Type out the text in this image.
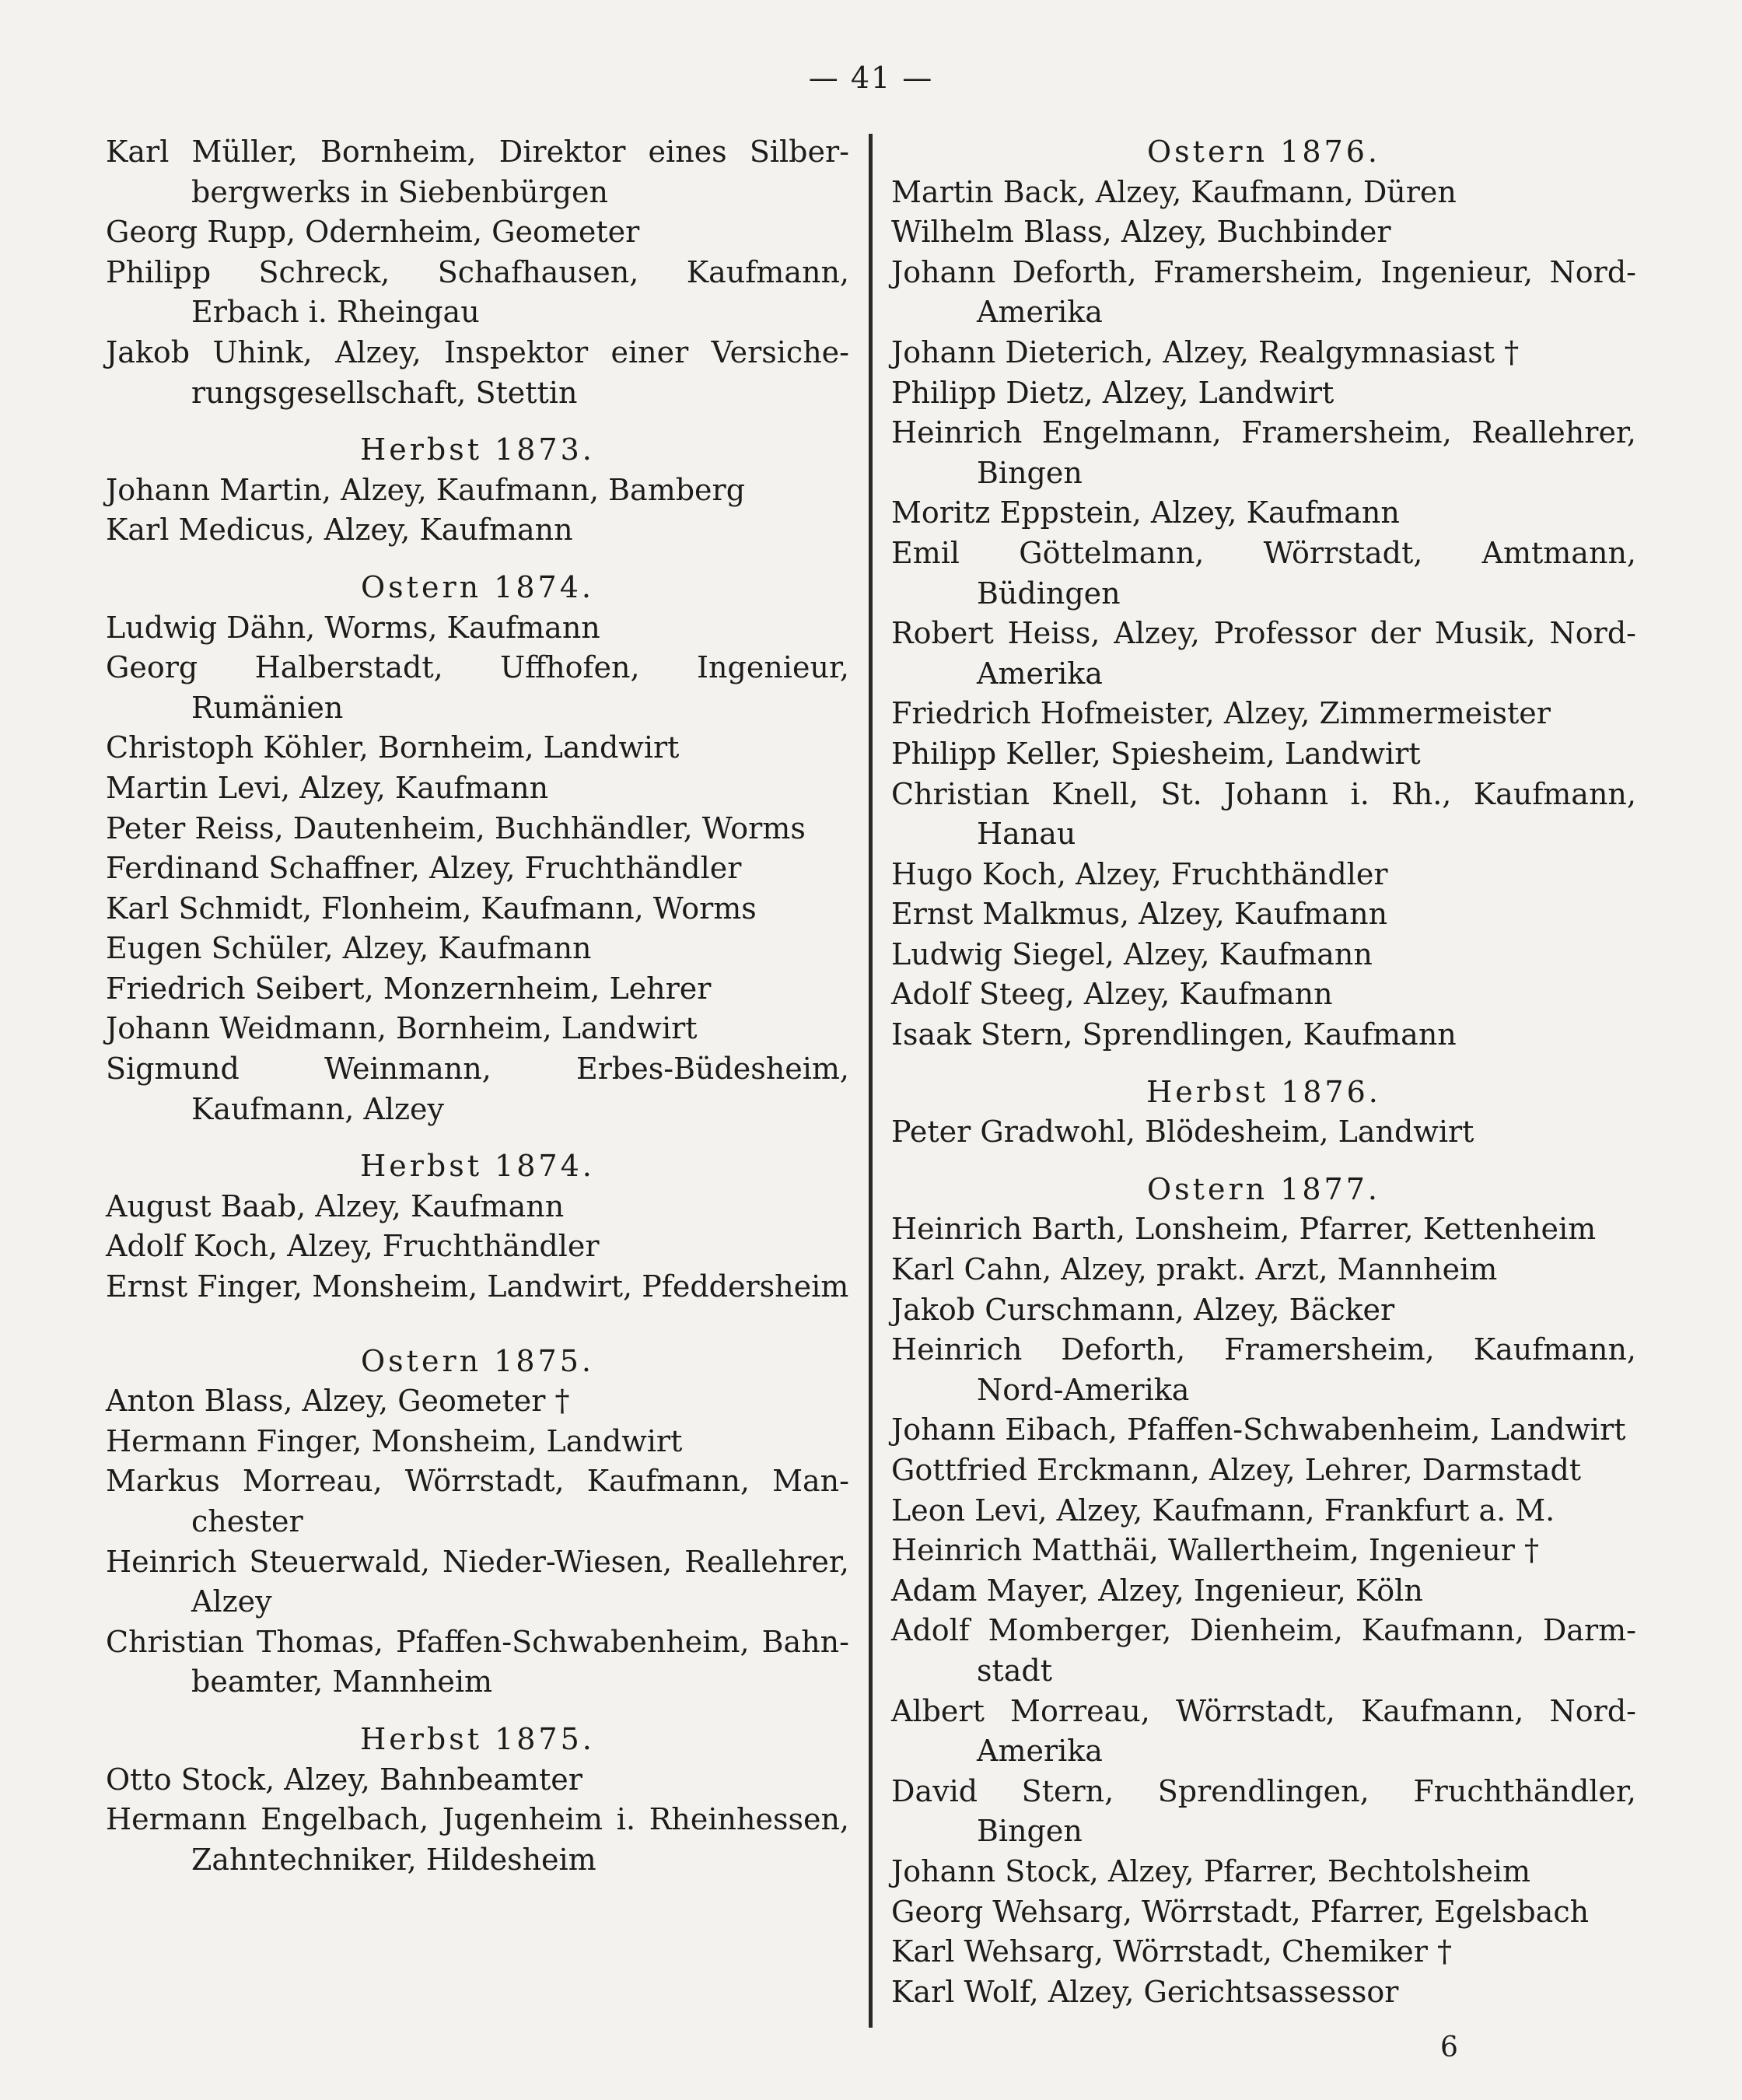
— 41 —
Karl Müller, Bornheim, Direktor eines Silberbergwerks in Siebenbürgen
Georg Rupp, Odernheim, Geometer
Philipp Schreck, Schafhausen, Kaufmann, Erbach i. Rheingau
Jakob Uhink, Alzey, Inspektor einer Versicherungsgesellschaft, Stettin
Herbst 1873.
Johann Martin, Alzey, Kaufmann, Bamberg
Karl Medicus, Alzey, Kaufmann
Ostern 1874.
Ludwig Dähn, Worms, Kaufmann
Georg Halberstadt, Uffhofen, Ingenieur, Rumänien
Christoph Köhler, Bornheim, Landwirt
Martin Levi, Alzey, Kaufmann
Peter Reiss, Dautenheim, Buchhändler, Worms
Ferdinand Schaffner, Alzey, Fruchthändler
Karl Schmidt, Flonheim, Kaufmann, Worms
Eugen Schüler, Alzey, Kaufmann
Friedrich Seibert, Monzernheim, Lehrer
Johann Weidmann, Bornheim, Landwirt
Sigmund Weinmann, Erbes-Büdesheim, Kaufmann, Alzey
Herbst 1874.
August Baab, Alzey, Kaufmann
Adolf Koch, Alzey, Fruchthändler
Ernst Finger, Monsheim, Landwirt, Pfeddersheim
Ostern 1875.
Anton Blass, Alzey, Geometer †
Hermann Finger, Monsheim, Landwirt
Markus Morreau, Wörrstadt, Kaufmann, Manchester
Heinrich Steuerwald, Nieder-Wiesen, Reallehrer, Alzey
Christian Thomas, Pfaffen-Schwabenheim, Bahnbeamter, Mannheim
Herbst 1875.
Otto Stock, Alzey, Bahnbeamter
Hermann Engelbach, Jugenheim i. Rheinhessen, Zahntechniker, Hildesheim
Ostern 1876.
Martin Back, Alzey, Kaufmann, Düren
Wilhelm Blass, Alzey, Buchbinder
Johann Deforth, Framersheim, Ingenieur, Nord-Amerika
Johann Dieterich, Alzey, Realgymnasiast †
Philipp Dietz, Alzey, Landwirt
Heinrich Engelmann, Framersheim, Reallehrer, Bingen
Moritz Eppstein, Alzey, Kaufmann
Emil Göttelmann, Wörrstadt, Amtmann, Büdingen
Robert Heiss, Alzey, Professor der Musik, Nord-Amerika
Friedrich Hofmeister, Alzey, Zimmermeister
Philipp Keller, Spiesheim, Landwirt
Christian Knell, St. Johann i. Rh., Kaufmann, Hanau
Hugo Koch, Alzey, Fruchthändler
Ernst Malkmus, Alzey, Kaufmann
Ludwig Siegel, Alzey, Kaufmann
Adolf Steeg, Alzey, Kaufmann
Isaak Stern, Sprendlingen, Kaufmann
Herbst 1876.
Peter Gradwohl, Blödesheim, Landwirt
Ostern 1877.
Heinrich Barth, Lonsheim, Pfarrer, Kettenheim
Karl Cahn, Alzey, prakt. Arzt, Mannheim
Jakob Curschmann, Alzey, Bäcker
Heinrich Deforth, Framersheim, Kaufmann, Nord-Amerika
Johann Eibach, Pfaffen-Schwabenheim, Landwirt
Gottfried Erckmann, Alzey, Lehrer, Darmstadt
Leon Levi, Alzey, Kaufmann, Frankfurt a. M.
Heinrich Matthäi, Wallertheim, Ingenieur †
Adam Mayer, Alzey, Ingenieur, Köln
Adolf Momberger, Dienheim, Kaufmann, Darmstadt
Albert Morreau, Wörrstadt, Kaufmann, Nord-Amerika
David Stern, Sprendlingen, Fruchthändler, Bingen
Johann Stock, Alzey, Pfarrer, Bechtolsheim
Georg Wehsarg, Wörrstadt, Pfarrer, Egelsbach
Karl Wehsarg, Wörrstadt, Chemiker †
Karl Wolf, Alzey, Gerichtsassessor
6
